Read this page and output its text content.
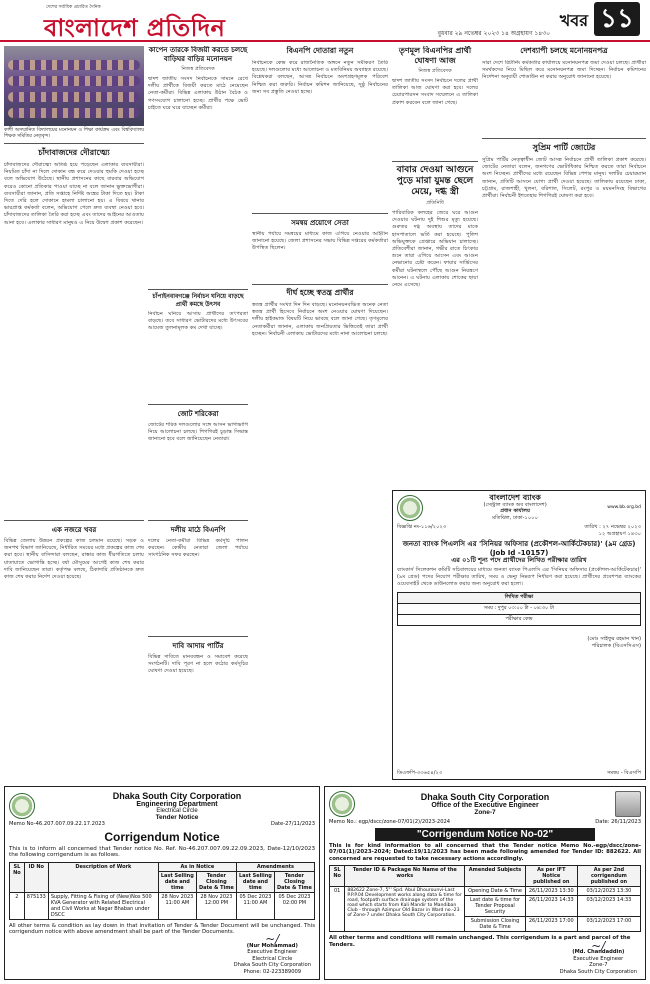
দেশের সর্বাধিক প্রচারিত দৈনিক
বাংলাদেশ প্রতিদিন	বুধবার ২৯ নভেম্বর ২০২৩ ১৪ অগ্রহায়ণ ১৪৩০
খবর ১১
কাশী অসম্মানিত বিদ্যালয়ের মনোনয়ন ও শিক্ষা কার্যক্রম এবং বিশ্ববিদ্যালয় শিক্ষক সমিতির নেতৃবৃন্দ।
চাঁদাবাজদের দৌরাত্ম্যে
চাঁদাবাজদের দৌরাত্ম্যে অতিষ্ঠ হয়ে পড়েছেন এলাকার ব্যবসায়ীরা। নিয়মিত চাঁদা না দিলে দোকান বন্ধ করে দেওয়ার হুমকি দেওয়া হচ্ছে বলে অভিযোগ উঠেছে। স্থানীয় প্রশাসনের কাছে বারবার অভিযোগ করেও কোনো প্রতিকার পাওয়া যাচ্ছে না বলে জানান ভুক্তভোগীরা। ব্যবসায়ীরা জানান, প্রতি সপ্তাহে নির্দিষ্ট অঙ্কের টাকা দিতে হয়। টাকা দিতে দেরি হলে দোকানে হামলা চালানো হয়। এ বিষয়ে থানার ভারপ্রাপ্ত কর্মকর্তা বলেন, অভিযোগ পেলে দ্রুত ব্যবস্থা নেওয়া হবে। চাঁদাবাজদের তালিকা তৈরি করা হচ্ছে এবং তাদের আইনের আওতায় আনা হবে। এলাকার সাধারণ মানুষও এ নিয়ে উদ্বেগ প্রকাশ করেছেন।
এক নজরে খবর
বিভিন্ন জেলায় উন্নয়ন প্রকল্পের কাজ চলমান রয়েছে। সড়ক ও জনপথ বিভাগ জানিয়েছে, নির্ধারিত সময়ের মধ্যে প্রকল্পের কাজ শেষ করা হবে। স্থানীয় বাসিন্দারা বলছেন, রাস্তার কাজ ধীরগতিতে চলায় যাতায়াতে ভোগান্তি হচ্ছে। বর্ষা মৌসুমের আগেই কাজ শেষ করার দাবি জানিয়েছেন তারা। কর্তৃপক্ষ বলছে, ঠিকাদারি প্রতিষ্ঠানকে দ্রুত কাজ শেষ করার নির্দেশ দেওয়া হয়েছে।
কাপেন তারকে বিজয়ী করতে চলছে বাড়িঘর বাড়ির মনোনয়ন
নিজস্ব প্রতিবেদক
দ্বাদশ জাতীয় সংসদ নির্বাচনকে সামনে রেখে দলীয় প্রার্থীকে বিজয়ী করতে মাঠে নেমেছেন নেতা-কর্মীরা। বিভিন্ন এলাকায় উঠান বৈঠক ও গণসংযোগ চালানো হচ্ছে। প্রার্থীর পক্ষে ভোট চাইতে ঘরে ঘরে যাচ্ছেন কর্মীরা।
চাঁপাইনবাবগঞ্জে নির্বাচন ঘনিয়ে বাড়ছে প্রার্থী কমছে উৎসব
নির্বাচন ঘনিয়ে আসায় প্রার্থীদের তৎপরতা বাড়ছে। তবে সাধারণ ভোটারদের মধ্যে উৎসবের আমেজ তুলনামূলক কম দেখা যাচ্ছে।
জোট শরিকেরা
জোটের শরিক দলগুলোর সঙ্গে আসন ভাগাভাগি নিয়ে আলোচনা চলছে। শিগগিরই চূড়ান্ত সিদ্ধান্ত জানানো হবে বলে জানিয়েছেন নেতারা।
দলীয় মাঠে বিএনপি
দলের নেতা-কর্মীরা বিভিন্ন কর্মসূচি পালন করছেন। কেন্দ্রীয় নেতারা জেলা পর্যায়ে সাংগঠনিক সফর করছেন।
দাবি আদায় পার্টির
বিভিন্ন দাবিতে মানববন্ধন ও সমাবেশ করেছে সংগঠনটি। দাবি পূরণ না হলে কঠোর কর্মসূচির ঘোষণা দেওয়া হয়েছে।
বিএনপি দোতারা নতুন
নির্বাচনকে কেন্দ্র করে রাজনৈতিক অঙ্গনে নতুন সমীকরণ তৈরি হয়েছে। দলগুলোর মধ্যে আলোচনা ও মতবিনিময় অব্যাহত রয়েছে। বিশ্লেষকরা বলছেন, আসন্ন নির্বাচনে অংশগ্রহণমূলক পরিবেশ নিশ্চিত করা জরুরি। নির্বাচন কমিশন জানিয়েছে, সুষ্ঠু নির্বাচনের জন্য সব প্রস্তুতি নেওয়া হচ্ছে।
সমন্বয় প্রয়োগে সেতা
স্থানীয় পর্যায়ে সমন্বয়ের মাধ্যমে কাজ এগিয়ে নেওয়ার আহ্বান জানানো হয়েছে। জেলা প্রশাসনের সভায় বিভিন্ন দপ্তরের কর্মকর্তারা উপস্থিত ছিলেন।
দীর্ঘ হচ্ছে স্বতন্ত্র প্রার্থীর
স্বতন্ত্র প্রার্থীর সংখ্যা দিন দিন বাড়ছে। মনোনয়নবঞ্চিত অনেক নেতা স্বতন্ত্র প্রার্থী হিসেবে নির্বাচনে অংশ নেওয়ার ঘোষণা দিয়েছেন। দলীয় হাইকমান্ড বিষয়টি নিয়ে ভাবছে বলে জানা গেছে। তৃণমূলের নেতাকর্মীরা জানান, এলাকায় জনপ্রিয়তার ভিত্তিতেই তারা প্রার্থী হচ্ছেন। নির্বাচনী এলাকায় ভোটারদের মধ্যে নানা আলোচনা চলছে।
তৃণমূল বিএনপির প্রার্থী ঘোষণা আজ
নিজস্ব প্রতিবেদক
দ্বাদশ জাতীয় সংসদ নির্বাচনে দলের প্রার্থী তালিকা আজ ঘোষণা করা হবে। দলের চেয়ারপারসন সংবাদ সম্মেলনে এ তালিকা প্রকাশ করবেন বলে জানা গেছে।
বাবার দেওয়া আগুনে পুড়ে মারা যুমন্ত ছেলে মেয়ে, দগ্ধ স্ত্রী
প্রতিনিধি
পারিবারিক কলহের জেরে ঘরে আগুন দেওয়ার ঘটনায় দুই শিশুর মৃত্যু হয়েছে। গুরুতর দগ্ধ অবস্থায় তাদের মাকে হাসপাতালে ভর্তি করা হয়েছে। পুলিশ অভিযুক্তকে গ্রেপ্তারে অভিযান চালাচ্ছে। প্রতিবেশীরা জানান, গভীর রাতে চিৎকার শুনে তারা এগিয়ে আসেন এবং আগুন নেভানোর চেষ্টা করেন। ফায়ার সার্ভিসের কর্মীরা ঘটনাস্থলে পৌঁছে আগুন নিয়ন্ত্রণে আনেন। এ ঘটনায় এলাকায় শোকের ছায়া নেমে এসেছে।
দেশব্যাপী চলছে মনোনয়নপত্র
সারা দেশে রিটার্নিং কর্মকর্তার কার্যালয়ে মনোনয়নপত্র জমা দেওয়া চলছে। প্রার্থীরা সমর্থকদের নিয়ে মিছিল করে মনোনয়নপত্র জমা দিচ্ছেন। নির্বাচন কমিশনের নির্দেশনা অনুযায়ী শোডাউন না করার অনুরোধ জানানো হয়েছে।
সুপ্রিম পার্টি জোটের
সুপ্রিম পার্টির নেতৃত্বাধীন জোট আসন্ন নির্বাচনে প্রার্থী তালিকা প্রকাশ করেছে। জোটের নেতারা বলেন, জনগণের ভোটাধিকার নিশ্চিত করতে তারা নির্বাচনে অংশ নিচ্ছেন। প্রার্থীদের মধ্যে রয়েছেন বিভিন্ন পেশার মানুষ। দলটির চেয়ারম্যান জানান, প্রতিটি আসনে যোগ্য প্রার্থী দেওয়া হয়েছে। তালিকায় রয়েছেন ঢাকা, চট্টগ্রাম, রাজশাহী, খুলনা, বরিশাল, সিলেট, রংপুর ও ময়মনসিংহ বিভাগের প্রার্থীরা। নির্বাচনী ইশতেহার শিগগিরই ঘোষণা করা হবে।
বাংলাদেশ ব্যাংক
(সেন্ট্রাল ব্যাংক অব বাংলাদেশ)
প্রধান কার্যালয়
মতিঝিল, ঢাকা-১০০০
www.bb.org.bd
বিজ্ঞপ্তি নং-১১৬/২০২৩	তারিখ : ২৭ নভেম্বর ২০২৩
১২ অগ্রহায়ণ ১৪৩০
জনতা ব্যাংক পিএলসি এর 'সিনিয়র অফিসার (প্রকৌশল-আর্কিটেকচার)' (৯ম গ্রেড) (Job Id -10157)
এর ০১টি শূন্য পদে প্রার্থীদের লিখিত পরীক্ষার তারিখ
ব্যাংকার্স সিলেকশন কমিটি সচিবালয়ের মাধ্যমে জনতা ব্যাংক পিএলসি এর 'সিনিয়র অফিসার (প্রকৌশল-আর্কিটেকচার)' (৯ম গ্রেড) পদের নিয়োগ পরীক্ষার তারিখ, সময় ও ভেন্যু নিম্নরূপ নির্ধারণ করা হয়েছে। প্রার্থীদের প্রবেশপত্র ব্যাংকের ওয়েবসাইট থেকে ডাউনলোড করার জন্য অনুরোধ করা হলো।
লিখিত পরীক্ষা
সময় : দুপুর ০৩:০০ টা - ০৪:৩০ টা
পরীক্ষার কেন্দ্র
(মোঃ সাইফুর রহমান খান)
পরিচালক (বিএসসিএস)
ডিএফপি-৩৩৬৫৪/২৩	সমন্বয় - বিএসপি
Dhaka South City Corporation
Engineering Department
Electrical Circle
Tender Notice
Memo No-46.207.007.09.22.17.2023	Date-27/11/2023
Corrigendum Notice
This is to inform all concerned that Tender notice No. Ref. No-46.207.007.09.22.09.2023, Date-12/10/2023 the following corrigendum is as follows.
SL No	ID No	Description of Work	As in Notice		Amendments	
			Last Selling date and time	Tender Closing Date & Time	Last Selling date and time	Tender Closing Date & Time
2	875133	Supply, Fitting & Fixing of (New)Nos 500 KVA Generator with Related Electrical and Civil Works at Nagar Bhaban under DSCC	28 Nov 2023 11:00 AM	28 Nov 2023 12:00 PM	05 Dec 2023 11:00 AM	05 Dec 2023 02:00 PM
All other terms & condition as lay down in that invitation of Tender & Tender Document will be unchanged. This corrigendum notice with above amendment shall be part of the Tender Documents.	~/
(Nur Mohammad)
Executive Engineer
Electrical Circle
Dhaka South City Corporation
Phone: 02-223389009
Dhaka South City Corporation
Office of the Executive Engineer
Zone-7
Memo No.: egp/dscc/zone-07/01(2)/2023-2024	Date: 26/11/2023
"Corrigendum Notice No-02"
This is for kind information to all concerned that the Tender notice Memo No.-egp/dscc/zone-07/01(1)/2023-2024; Dated:19/11/2023 has been made following amended for Tender ID: 882622. All concerned are requested to take necessary actions accordingly.
SL No	Tender ID & Package No Name of the works	Amended Subjects	As per IFT Notice published on	As per 2nd corrigendum published on
01	882622 Zone-7, 5"' Spd. Abul Dhourounvi-Last P.P.P.04 Development works along data & time for road, footpath surface drainage system of the road which starts from Kali Mandir to Mandiban Club - through Azimpur Old Bazar in Ward no.-23 of Zone-7 under Dhaka South City Corporation.	Opening Date & Time	26/11/2023 13:30	03/12/2023 13:30
		Last date & time for Tender Proposal Security	26/11/2023 14:33	03/12/2023 14:33
		Submission Closing Date & Time	26/11/2023 17:00	03/12/2023 17:00
All other terms and conditions will remain unchanged. This corrigendum is a part and parcel of the Tenders.	~/
(Md. Chandaddin)
Executive Engineer
Zone-7
Dhaka South City Corporation
